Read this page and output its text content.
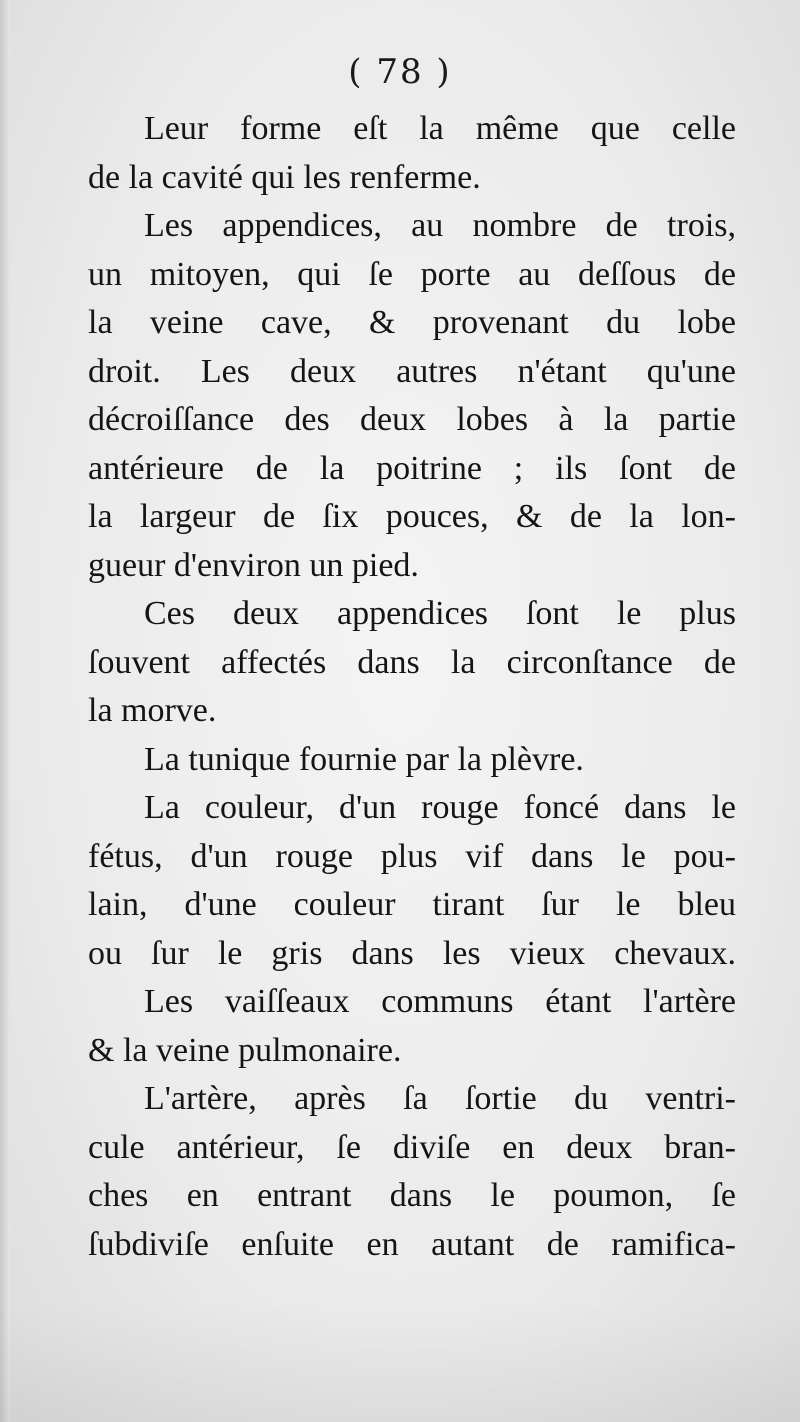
( 78 )
Leur forme eſt la même que celle
de la cavité qui les renferme.
Les appendices, au nombre de trois,
un mitoyen, qui ſe porte au deſſous de
la veine cave, & provenant du lobe
droit. Les deux autres n'étant qu'une
décroiſſance des deux lobes à la partie
antérieure de la poitrine ; ils ſont de
la largeur de ſix pouces, & de la lon-
gueur d'environ un pied.
Ces deux appendices ſont le plus
ſouvent affectés dans la circonſtance de
la morve.
La tunique fournie par la plèvre.
La couleur, d'un rouge foncé dans le
fétus, d'un rouge plus vif dans le pou-
lain, d'une couleur tirant ſur le bleu
ou ſur le gris dans les vieux chevaux.
Les vaiſſeaux communs étant l'artère
& la veine pulmonaire.
L'artère, après ſa ſortie du ventri-
cule antérieur, ſe diviſe en deux bran-
ches en entrant dans le poumon, ſe
ſubdiviſe enſuite en autant de ramifica-
